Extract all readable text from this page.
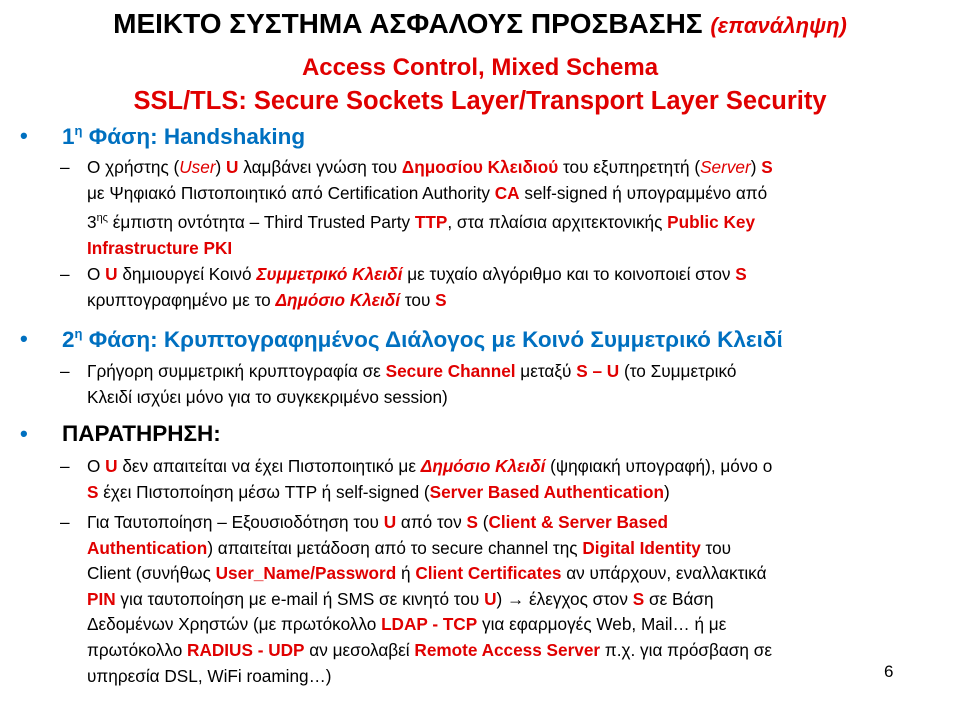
ΜΕΙΚΤΟ ΣΥΣΤΗΜΑ ΑΣΦΑΛΟΥΣ ΠΡΟΣΒΑΣΗΣ (επανάληψη)
Access Control, Mixed Schema
SSL/TLS: Secure Sockets Layer/Transport Layer Security
• $1^\eta$ Φάση: Handshaking
– Ο χρήστης (User) U λαμβάνει γνώση του Δημοσίου Κλειδιού του εξυπηρετητή (Server) S
με Ψηφιακό Πιστοποιητικό από Certification Authority CA self-signed ή υπογραμμένο από
$3^{\eta\varsigma}$ έμπιστη οντότητα – Third Trusted Party TTP, στα πλαίσια αρχιτεκτονικής Public Key
Infrastructure PKI
– Ο U δημιουργεί Κοινό Συμμετρικό Κλειδί με τυχαίο αλγόριθμο και το κοινοποιεί στον S
κρυπτογραφημένο με το Δημόσιο Κλειδί του S
• $2^\eta$ Φάση: Κρυπτογραφημένος Διάλογος με Κοινό Συμμετρικό Κλειδί
– Γρήγορη συμμετρική κρυπτογραφία σε Secure Channel μεταξύ S – U (το Συμμετρικό
Κλειδί ισχύει μόνο για το συγκεκριμένο session)
• ΠΑΡΑΤΗΡΗΣΗ:
– Ο U δεν απαιτείται να έχει Πιστοποιητικό με Δημόσιο Κλειδί (ψηφιακή υπογραφή), μόνο ο
S έχει Πιστοποίηση μέσω TTP ή self-signed (Server Based Authentication)
– Για Ταυτοποίηση – Εξουσιοδότηση του U από τον S (Client & Server Based
Authentication) απαιτείται μετάδοση από το secure channel της Digital Identity του
Client (συνήθως User_Name/Password ή Client Certificates αν υπάρχουν, εναλλακτικά
PIN για ταυτοποίηση με e-mail ή SMS σε κινητό του U) → έλεγχος στον S σε Βάση
Δεδομένων Χρηστών (με πρωτόκολλο LDAP - TCP για εφαρμογές Web, Mail… ή με
πρωτόκολλο RADIUS - UDP αν μεσολαβεί Remote Access Server π.χ. για πρόσβαση σε
υπηρεσία DSL, WiFi roaming…)	6
